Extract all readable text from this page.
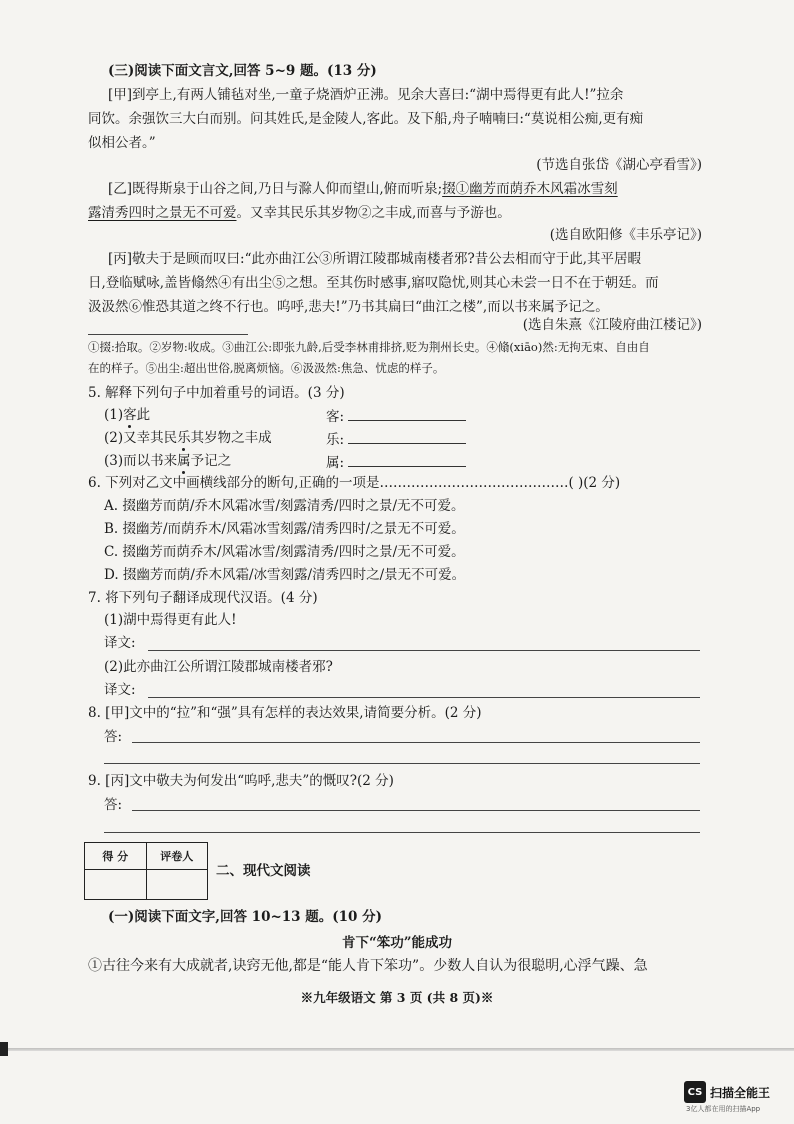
(三)阅读下面文言文,回答 5~9 题。(13 分)
[甲]到亭上,有两人铺毡对坐,一童子烧酒炉正沸。见余大喜曰:“湖中焉得更有此人!”拉余
同饮。余强饮三大白而别。问其姓氏,是金陵人,客此。及下船,舟子喃喃曰:“莫说相公痴,更有痴
似相公者。”
(节选自张岱《湖心亭看雪》)
[乙]既得斯泉于山谷之间,乃日与滁人仰而望山,俯而听泉;掇①幽芳而荫乔木风霜冰雪刻
露清秀四时之景无不可爱。又幸其民乐其岁物②之丰成,而喜与予游也。
(选自欧阳修《丰乐亭记》)
[丙]敬夫于是顾而叹曰:“此亦曲江公③所谓江陵郡城南楼者邪?昔公去相而守于此,其平居暇
日,登临赋咏,盖皆翛然④有出尘⑤之想。至其伤时感事,寤叹隐忧,则其心未尝一日不在于朝廷。而
汲汲然⑥惟恐其道之终不行也。呜呼,悲夫!”乃书其扁曰“曲江之楼”,而以书来属予记之。
(选自朱熹《江陵府曲江楼记》)
①掇:拾取。②岁物:收成。③曲江公:即张九龄,后受李林甫排挤,贬为荆州长史。④翛(xiāo)然:无拘无束、自由自
在的样子。⑤出尘:超出世俗,脱离烦恼。⑥汲汲然:焦急、忧虑的样子。
5. 解释下列句子中加着重号的词语。(3 分)
(1)客此	客:
(2)又幸其民乐其岁物之丰成	乐:
(3)而以书来属予记之	属:
6. 下列对乙文中画横线部分的断句,正确的一项是……………………………………( )(2 分)
A. 掇幽芳而荫/乔木风霜冰雪/刻露清秀/四时之景/无不可爱。
B. 掇幽芳/而荫乔木/风霜冰雪刻露/清秀四时/之景无不可爱。
C. 掇幽芳而荫乔木/风霜冰雪/刻露清秀/四时之景/无不可爱。
D. 掇幽芳而荫/乔木风霜/冰雪刻露/清秀四时之/景无不可爱。
7. 将下列句子翻译成现代汉语。(4 分)
(1)湖中焉得更有此人!
译文:
(2)此亦曲江公所谓江陵郡城南楼者邪?
译文:
8. [甲]文中的“拉”和“强”具有怎样的表达效果,请简要分析。(2 分)
答:
9. [丙]文中敬夫为何发出“呜呼,悲夫”的慨叹?(2 分)
答:
得 分	评卷人

二、现代文阅读
(一)阅读下面文字,回答 10~13 题。(10 分)
肯下“笨功”能成功
①古往今来有大成就者,诀窍无他,都是“能人肯下笨功”。少数人自认为很聪明,心浮气躁、急
※九年级语文 第 3 页 (共 8 页)※
CS 扫描全能王
3亿人都在用的扫描App
